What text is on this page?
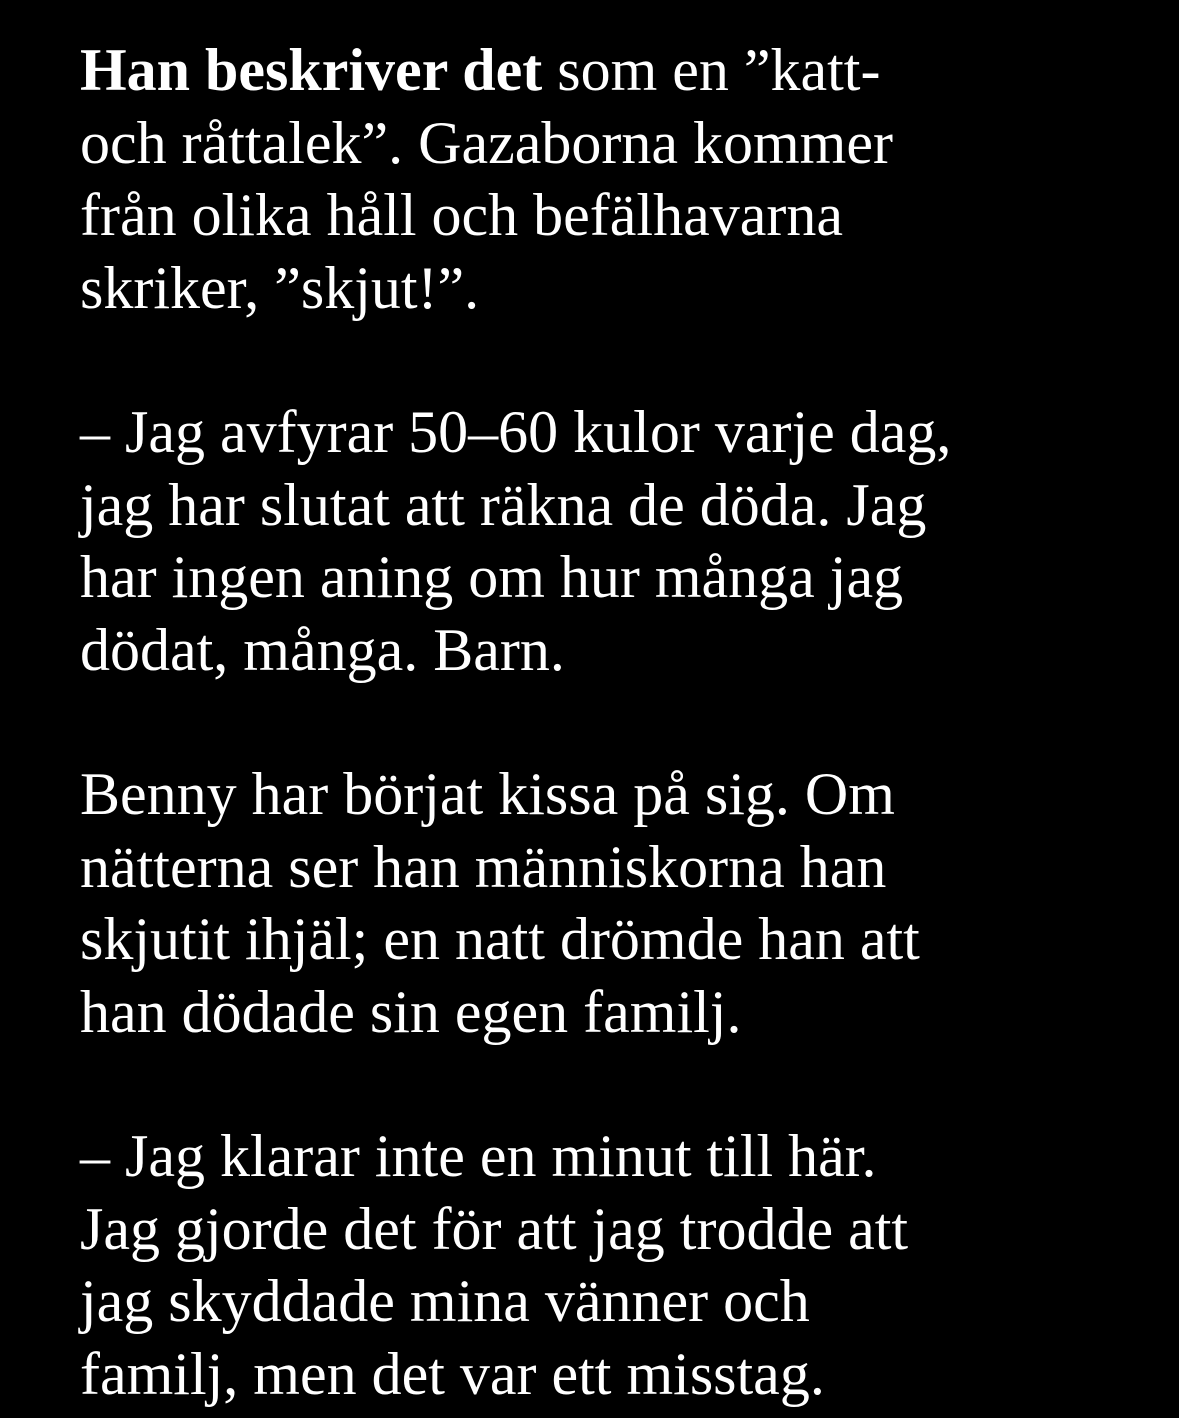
Han beskriver det som en ”katt-
och råttalek”. Gazaborna kommer
från olika håll och befälhavarna
skriker, ”skjut!”.

– Jag avfyrar 50–60 kulor varje dag,
jag har slutat att räkna de döda. Jag
har ingen aning om hur många jag
dödat, många. Barn.

Benny har börjat kissa på sig. Om
nätterna ser han människorna han
skjutit ihjäl; en natt drömde han att
han dödade sin egen familj.

– Jag klarar inte en minut till här.
Jag gjorde det för att jag trodde att
jag skyddade mina vänner och
familj, men det var ett misstag.
